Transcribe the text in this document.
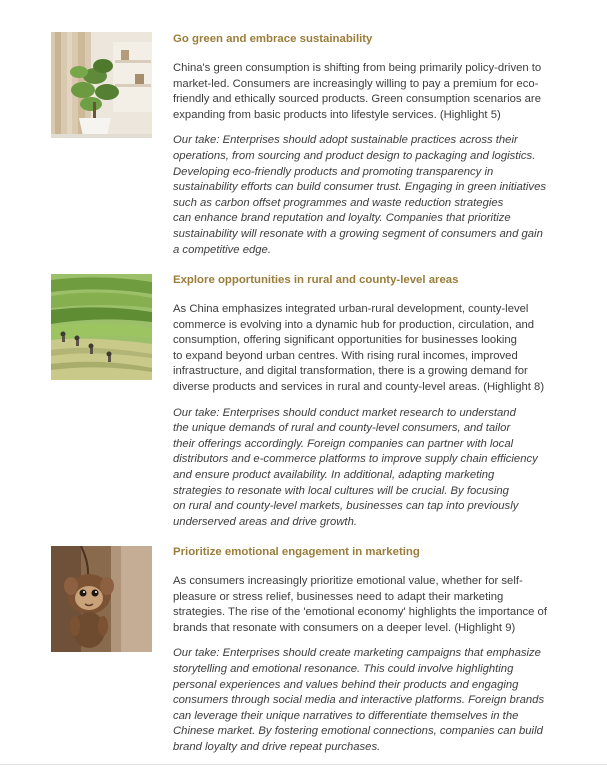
Go green and embrace sustainability

China's green consumption is shifting from being primarily policy-driven to
market-led. Consumers are increasingly willing to pay a premium for eco-
friendly and ethically sourced products. Green consumption scenarios are
expanding from basic products into lifestyle services. (Highlight 5)

Our take: Enterprises should adopt sustainable practices across their
operations, from sourcing and product design to packaging and logistics.
Developing eco-friendly products and promoting transparency in
sustainability efforts can build consumer trust. Engaging in green initiatives
such as carbon offset programmes and waste reduction strategies
can enhance brand reputation and loyalty. Companies that prioritize
sustainability will resonate with a growing segment of consumers and gain
a competitive edge.

Explore opportunities in rural and county-level areas

As China emphasizes integrated urban-rural development, county-level
commerce is evolving into a dynamic hub for production, circulation, and
consumption, offering significant opportunities for businesses looking
to expand beyond urban centres. With rising rural incomes, improved
infrastructure, and digital transformation, there is a growing demand for
diverse products and services in rural and county-level areas. (Highlight 8)

Our take: Enterprises should conduct market research to understand
the unique demands of rural and county-level consumers, and tailor
their offerings accordingly. Foreign companies can partner with local
distributors and e-commerce platforms to improve supply chain efficiency
and ensure product availability. In additional, adapting marketing
strategies to resonate with local cultures will be crucial. By focusing
on rural and county-level markets, businesses can tap into previously
underserved areas and drive growth.

Prioritize emotional engagement in marketing

As consumers increasingly prioritize emotional value, whether for self-
pleasure or stress relief, businesses need to adapt their marketing
strategies. The rise of the 'emotional economy' highlights the importance of
brands that resonate with consumers on a deeper level. (Highlight 9)

Our take: Enterprises should create marketing campaigns that emphasize
storytelling and emotional resonance. This could involve highlighting
personal experiences and values behind their products and engaging
consumers through social media and interactive platforms. Foreign brands
can leverage their unique narratives to differentiate themselves in the
Chinese market. By fostering emotional connections, companies can build
brand loyalty and drive repeat purchases.
